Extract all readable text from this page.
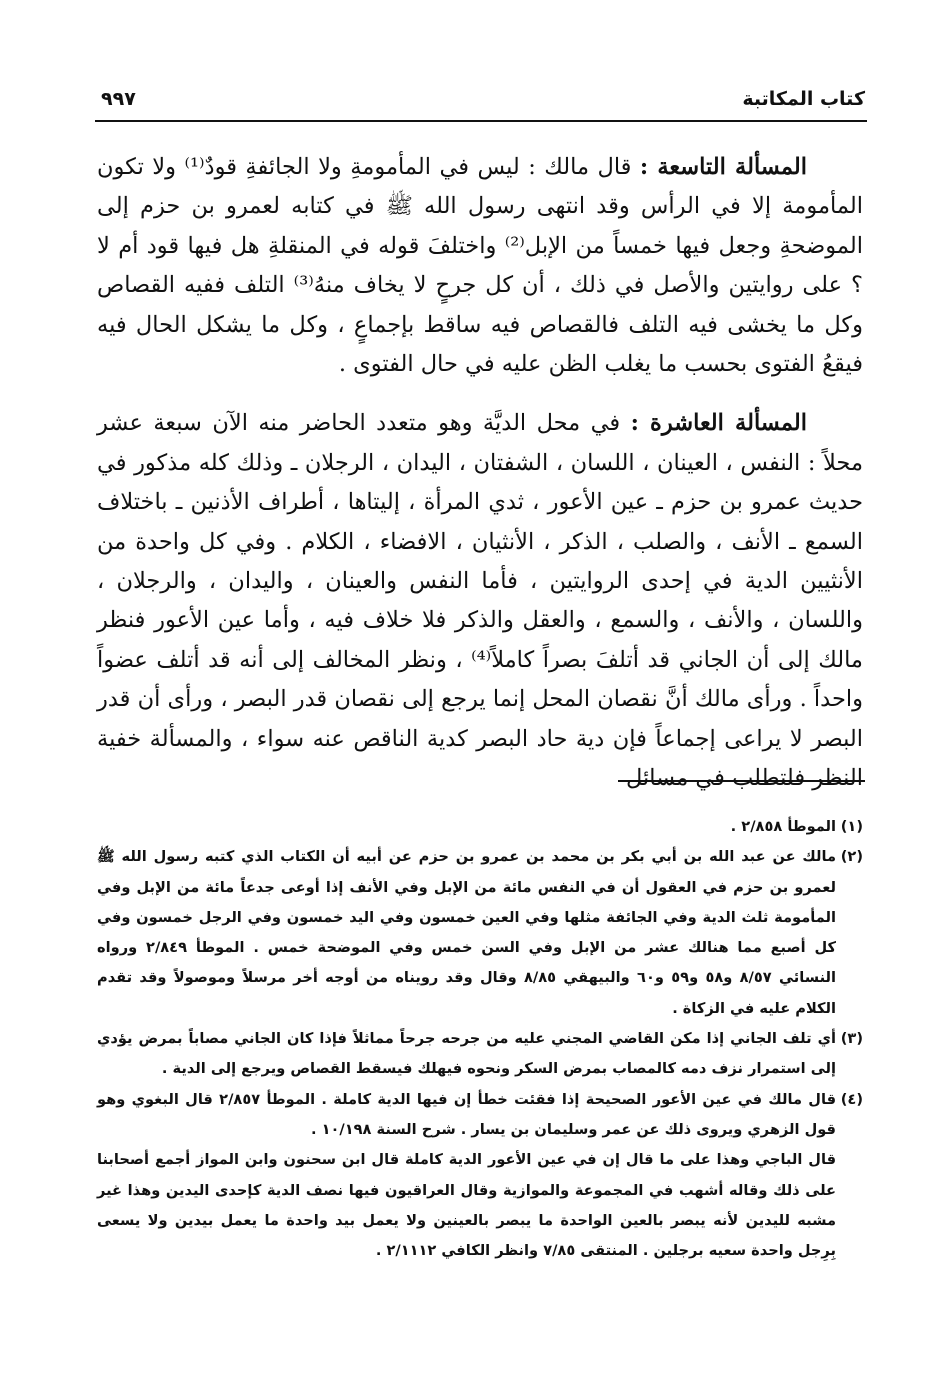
٩٩٧	كتاب المكاتبة

المسألة التاسعة : قال مالك : ليس في المأمومةِ ولا الجائفةِ قودٌ⁽¹⁾ ولا تكون المأمومة إلا في الرأس وقد انتهى رسول الله ﷺ في كتابه لعمرو بن حزم إلى الموضحةِ وجعل فيها خمساً من الإبل⁽²⁾ واختلفَ قوله في المنقلةِ هل فيها قود أم لا ؟ على روايتين والأصل في ذلك ، أن كل جرحٍ لا يخاف منهُ⁽³⁾ التلف ففيه القصاص وكل ما يخشى فيه التلف فالقصاص فيه ساقط بإجماعٍ ، وكل ما يشكل الحال فيه فيقعُ الفتوى بحسب ما يغلب الظن عليه في حال الفتوى .

المسألة العاشرة : في محل الديَّة وهو متعدد الحاضر منه الآن سبعة عشر محلاً : النفس ، العينان ، اللسان ، الشفتان ، اليدان ، الرجلان ـ وذلك كله مذكور في حديث عمرو بن حزم ـ عين الأعور ، ثدي المرأة ، إليتاها ، أطراف الأذنين ـ باختلاف السمع ـ الأنف ، والصلب ، الذكر ، الأنثيان ، الافضاء ، الكلام . وفي كل واحدة من الأنثيين الدية في إحدى الروايتين ، فأما النفس والعينان ، واليدان ، والرجلان ، واللسان ، والأنف ، والسمع ، والعقل والذكر فلا خلاف فيه ، وأما عين الأعور فنظر مالك إلى أن الجاني قد أتلفَ بصراً كاملاً⁽⁴⁾ ، ونظر المخالف إلى أنه قد أتلف عضواً واحداً . ورأى مالك أنَّ نقصان المحل إنما يرجع إلى نقصان قدر البصر ، ورأى أن قدر البصر لا يراعى إجماعاً فإن دية حاد البصر كدية الناقص عنه سواء ، والمسألة خفية النظر فلتطلب في مسائل

(١)الموطأ ٢/٨٥٨ .

(٢)مالك عن عبد الله بن أبي بكر بن محمد بن عمرو بن حزم عن أبيه أن الكتاب الذي كتبه رسول الله ﷺ لعمرو بن حزم في العقول أن في النفس مائة من الإبل وفي الأنف إذا أوعى جدعاً مائة من الإبل وفي المأمومة ثلث الدية وفي الجائفة مثلها وفي العين خمسون وفي اليد خمسون وفي الرجل خمسون وفي كل أصبع مما هنالك عشر من الإبل وفي السن خمس وفي الموضحة خمس . الموطأ ٢/٨٤٩ ورواه النسائي ٨/٥٧ و٥٨ و٥٩ و٦٠ والبيهقي ٨/٨٥ وقال وقد رويناه من أوجه أخر مرسلاً وموصولاً وقد تقدم الكلام عليه في الزكاة .

(٣)أي تلف الجاني إذا مكن القاضي المجني عليه من جرحه جرحاً مماثلاً فإذا كان الجاني مصاباً بمرض يؤدي إلى استمرار نزف دمه كالمصاب بمرض السكر ونحوه فيهلك فيسقط القصاص ويرجع إلى الدية .

(٤)قال مالك في عين الأعور الصحيحة إذا فقئت خطأ إن فيها الدية كاملة . الموطأ ٢/٨٥٧ قال البغوي وهو قول الزهري ويروى ذلك عن عمر وسليمان بن يسار . شرح السنة ١٠/١٩٨ .

قال الباجي وهذا على ما قال إن في عين الأعور الدية كاملة قال ابن سحنون وابن المواز أجمع أصحابنا على ذلك وقاله أشهب في المجموعة والموازية وقال العراقيون فيها نصف الدية كإحدى اليدين وهذا غير مشبه لليدين لأنه يبصر بالعين الواحدة ما يبصر بالعينين ولا يعمل بيد واحدة ما يعمل بيدين ولا يسعى بِرِجل واحدة سعيه برجلين . المنتقى ٧/٨٥ وانظر الكافي ٢/١١١٢ .
